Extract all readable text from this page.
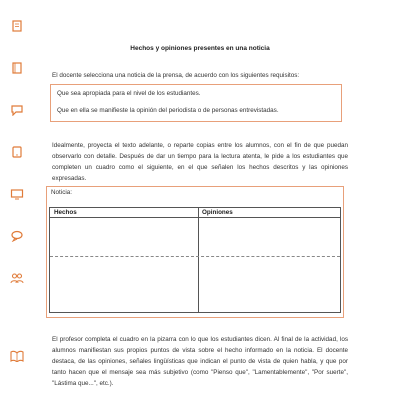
Hechos y opiniones presentes en una noticia
El docente selecciona una noticia de la prensa, de acuerdo con los siguientes requisitos:
Que sea apropiada para el nivel de los estudiantes.
Que en ella se manifieste la opinión del periodista o de personas entrevistadas.
Idealmente, proyecta el texto adelante, o reparte copias entre los alumnos, con el fin de que puedan observarlo con detalle. Después de dar un tiempo para la lectura atenta, le pide a los estudiantes que completen un cuadro como el siguiente, en el que señalen los hechos descritos y las opiniones expresadas.
Noticia:
Hechos	Opiniones
El profesor completa el cuadro en la pizarra con lo que los estudiantes dicen. Al final de la actividad, los alumnos manifiestan sus propios puntos de vista sobre el hecho informado en la noticia. El docente destaca, de las opiniones, señales lingüísticas que indican el punto de vista de quien habla, y que por tanto hacen que el mensaje sea más subjetivo (como "Pienso que", "Lamentablemente", "Por suerte", "Lástima que...", etc.).
